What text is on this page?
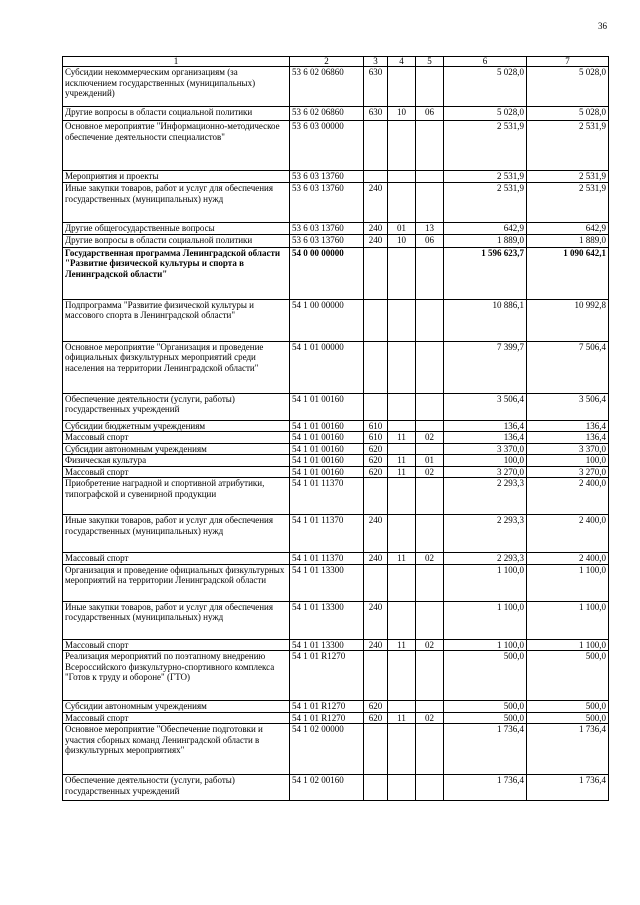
36
1	2	3	4	5	6	7
Субсидии некоммерческим организациям (за исключением государственных (муниципальных) учреждений)	53 6 02 06860	630			5 028,0	5 028,0
Другие вопросы в области социальной политики	53 6 02 06860	630	10	06	5 028,0	5 028,0
Основное мероприятие "Информационно-методическое обеспечение деятельности специалистов"	53 6 03 00000				2 531,9	2 531,9
Мероприятия и проекты	53 6 03 13760				2 531,9	2 531,9
Иные закупки товаров, работ и услуг для обеспечения государственных (муниципальных) нужд	53 6 03 13760	240			2 531,9	2 531,9
Другие общегосударственные вопросы	53 6 03 13760	240	01	13	642,9	642,9
Другие вопросы в области социальной политики	53 6 03 13760	240	10	06	1 889,0	1 889,0
Государственная программа Ленинградской области "Развитие физической культуры и спорта в Ленинградской области"	54 0 00 00000				1 596 623,7	1 090 642,1
Подпрограмма "Развитие физической культуры и массового спорта в Ленинградской области"	54 1 00 00000				10 886,1	10 992,8
Основное мероприятие "Организация и проведение официальных физкультурных мероприятий среди населения на территории Ленинградской области"	54 1 01 00000				7 399,7	7 506,4
Обеспечение деятельности (услуги, работы) государственных учреждений	54 1 01 00160				3 506,4	3 506,4
Субсидии бюджетным учреждениям	54 1 01 00160	610			136,4	136,4
Массовый спорт	54 1 01 00160	610	11	02	136,4	136,4
Субсидии автономным учреждениям	54 1 01 00160	620			3 370,0	3 370,0
Физическая культура	54 1 01 00160	620	11	01	100,0	100,0
Массовый спорт	54 1 01 00160	620	11	02	3 270,0	3 270,0
Приобретение наградной и спортивной атрибутики, типографской и сувенирной продукции	54 1 01 11370				2 293,3	2 400,0
Иные закупки товаров, работ и услуг для обеспечения государственных (муниципальных) нужд	54 1 01 11370	240			2 293,3	2 400,0
Массовый спорт	54 1 01 11370	240	11	02	2 293,3	2 400,0
Организация и проведение официальных физкультурных мероприятий на территории Ленинградской области	54 1 01 13300				1 100,0	1 100,0
Иные закупки товаров, работ и услуг для обеспечения государственных (муниципальных) нужд	54 1 01 13300	240			1 100,0	1 100,0
Массовый спорт	54 1 01 13300	240	11	02	1 100,0	1 100,0
Реализация мероприятий по поэтапному внедрению Всероссийского физкультурно-спортивного комплекса "Готов к труду и обороне" (ГТО)	54 1 01 R1270				500,0	500,0
Субсидии автономным учреждениям	54 1 01 R1270	620			500,0	500,0
Массовый спорт	54 1 01 R1270	620	11	02	500,0	500,0
Основное мероприятие "Обеспечение подготовки и участия сборных команд Ленинградской области в физкультурных мероприятиях"	54 1 02 00000				1 736,4	1 736,4
Обеспечение деятельности (услуги, работы) государственных учреждений	54 1 02 00160				1 736,4	1 736,4
